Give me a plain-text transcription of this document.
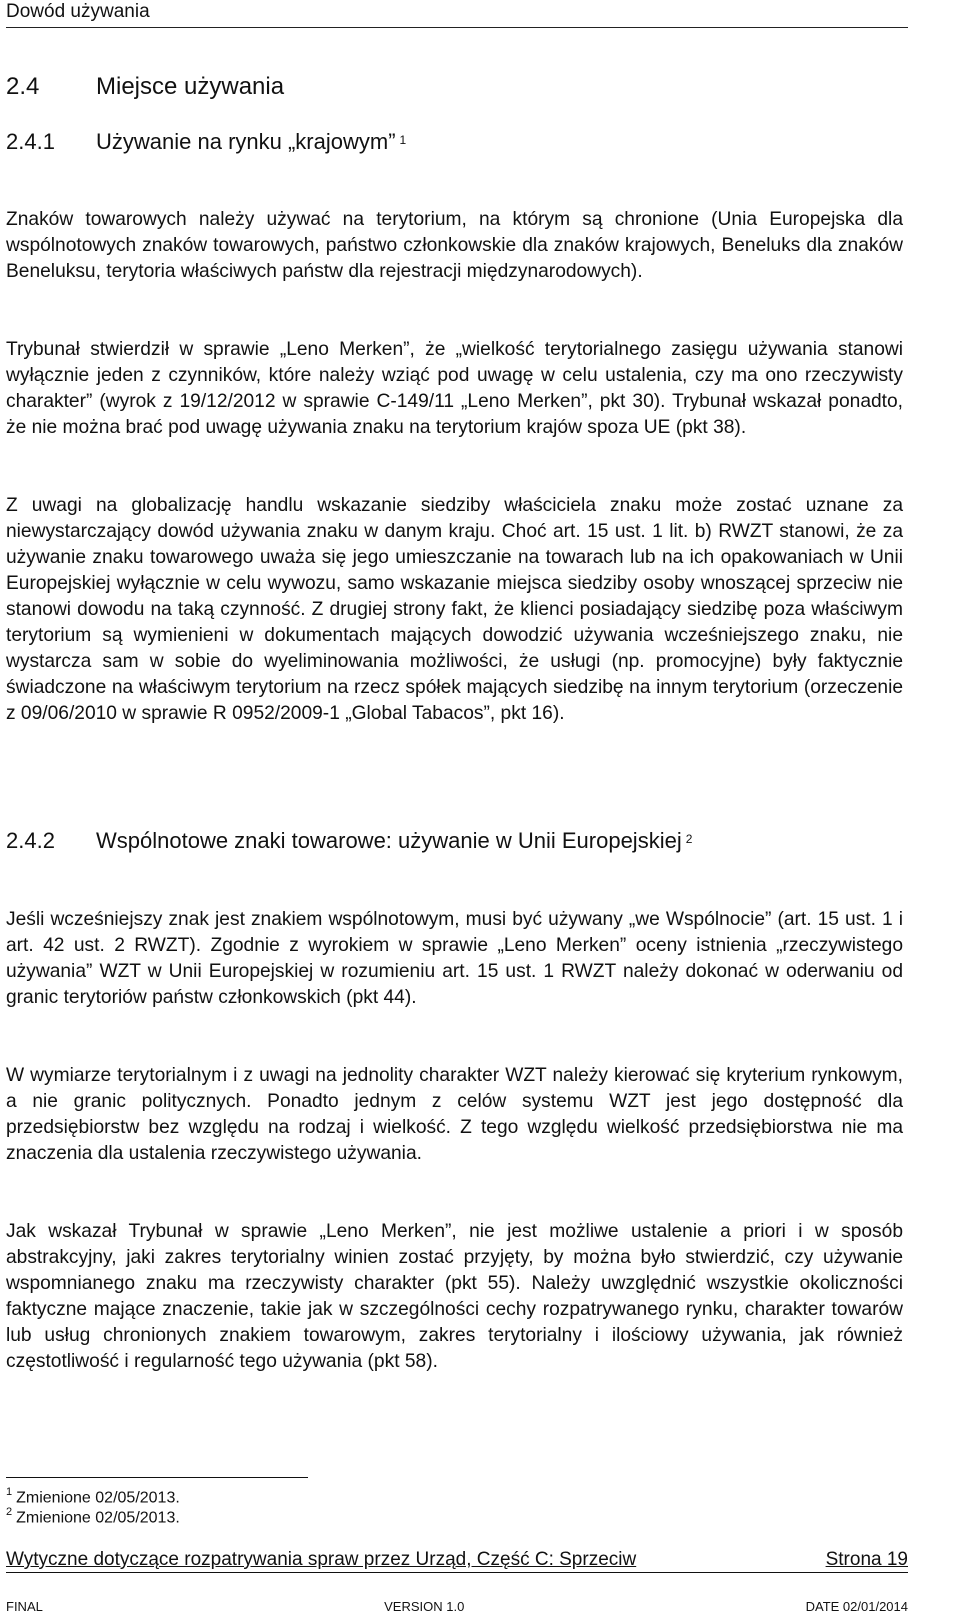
Dowód używania
2.4	Miejsce używania
2.4.1	Używanie na rynku „krajowym” $^1$

Znaków towarowych należy używać na terytorium, na którym są chronione (Unia Europejska dla wspólnotowych znaków towarowych, państwo członkowskie dla znaków krajowych, Beneluks dla znaków Beneluksu, terytoria właściwych państw dla rejestracji międzynarodowych).

Trybunał stwierdził w sprawie „Leno Merken”, że „wielkość terytorialnego zasięgu używania stanowi wyłącznie jeden z czynników, które należy wziąć pod uwagę w celu ustalenia, czy ma ono rzeczywisty charakter” (wyrok z 19/12/2012 w sprawie C-149/11 „Leno Merken”, pkt 30). Trybunał wskazał ponadto, że nie można brać pod uwagę używania znaku na terytorium krajów spoza UE (pkt 38).

Z uwagi na globalizację handlu wskazanie siedziby właściciela znaku może zostać uznane za niewystarczający dowód używania znaku w danym kraju. Choć art. 15 ust. 1 lit. b) RWZT stanowi, że za używanie znaku towarowego uważa się jego umieszczanie na towarach lub na ich opakowaniach w Unii Europejskiej wyłącznie w celu wywozu, samo wskazanie miejsca siedziby osoby wnoszącej sprzeciw nie stanowi dowodu na taką czynność. Z drugiej strony fakt, że klienci posiadający siedzibę poza właściwym terytorium są wymienieni w dokumentach mających dowodzić używania wcześniejszego znaku, nie wystarcza sam w sobie do wyeliminowania możliwości, że usługi (np. promocyjne) były faktycznie świadczone na właściwym terytorium na rzecz spółek mających siedzibę na innym terytorium (orzeczenie z 09/06/2010 w sprawie R 0952/2009-1 „Global Tabacos”, pkt 16).

2.4.2	Wspólnotowe znaki towarowe: używanie w Unii Europejskiej $^2$

Jeśli wcześniejszy znak jest znakiem wspólnotowym, musi być używany „we Wspólnocie” (art. 15 ust. 1 i art. 42 ust. 2 RWZT). Zgodnie z wyrokiem w sprawie „Leno Merken” oceny istnienia „rzeczywistego używania” WZT w Unii Europejskiej w rozumieniu art. 15 ust. 1 RWZT należy dokonać w oderwaniu od granic terytoriów państw członkowskich (pkt 44).

W wymiarze terytorialnym i z uwagi na jednolity charakter WZT należy kierować się kryterium rynkowym, a nie granic politycznych. Ponadto jednym z celów systemu WZT jest jego dostępność dla przedsiębiorstw bez względu na rodzaj i wielkość. Z tego względu wielkość przedsiębiorstwa nie ma znaczenia dla ustalenia rzeczywistego używania.

Jak wskazał Trybunał w sprawie „Leno Merken”, nie jest możliwe ustalenie a priori i w sposób abstrakcyjny, jaki zakres terytorialny winien zostać przyjęty, by można było stwierdzić, czy używanie wspomnianego znaku ma rzeczywisty charakter (pkt 55). Należy uwzględnić wszystkie okoliczności faktyczne mające znaczenie, takie jak w szczególności cechy rozpatrywanego rynku, charakter towarów lub usług chronionych znakiem towarowym, zakres terytorialny i ilościowy używania, jak również częstotliwość i regularność tego używania (pkt 58).

$^1$ Zmienione 02/05/2013.
$^2$ Zmienione 02/05/2013.
Wytyczne dotyczące rozpatrywania spraw przez Urząd, Część C: Sprzeciw	Strona 19
FINAL	VERSION 1.0	DATE 02/01/2014
